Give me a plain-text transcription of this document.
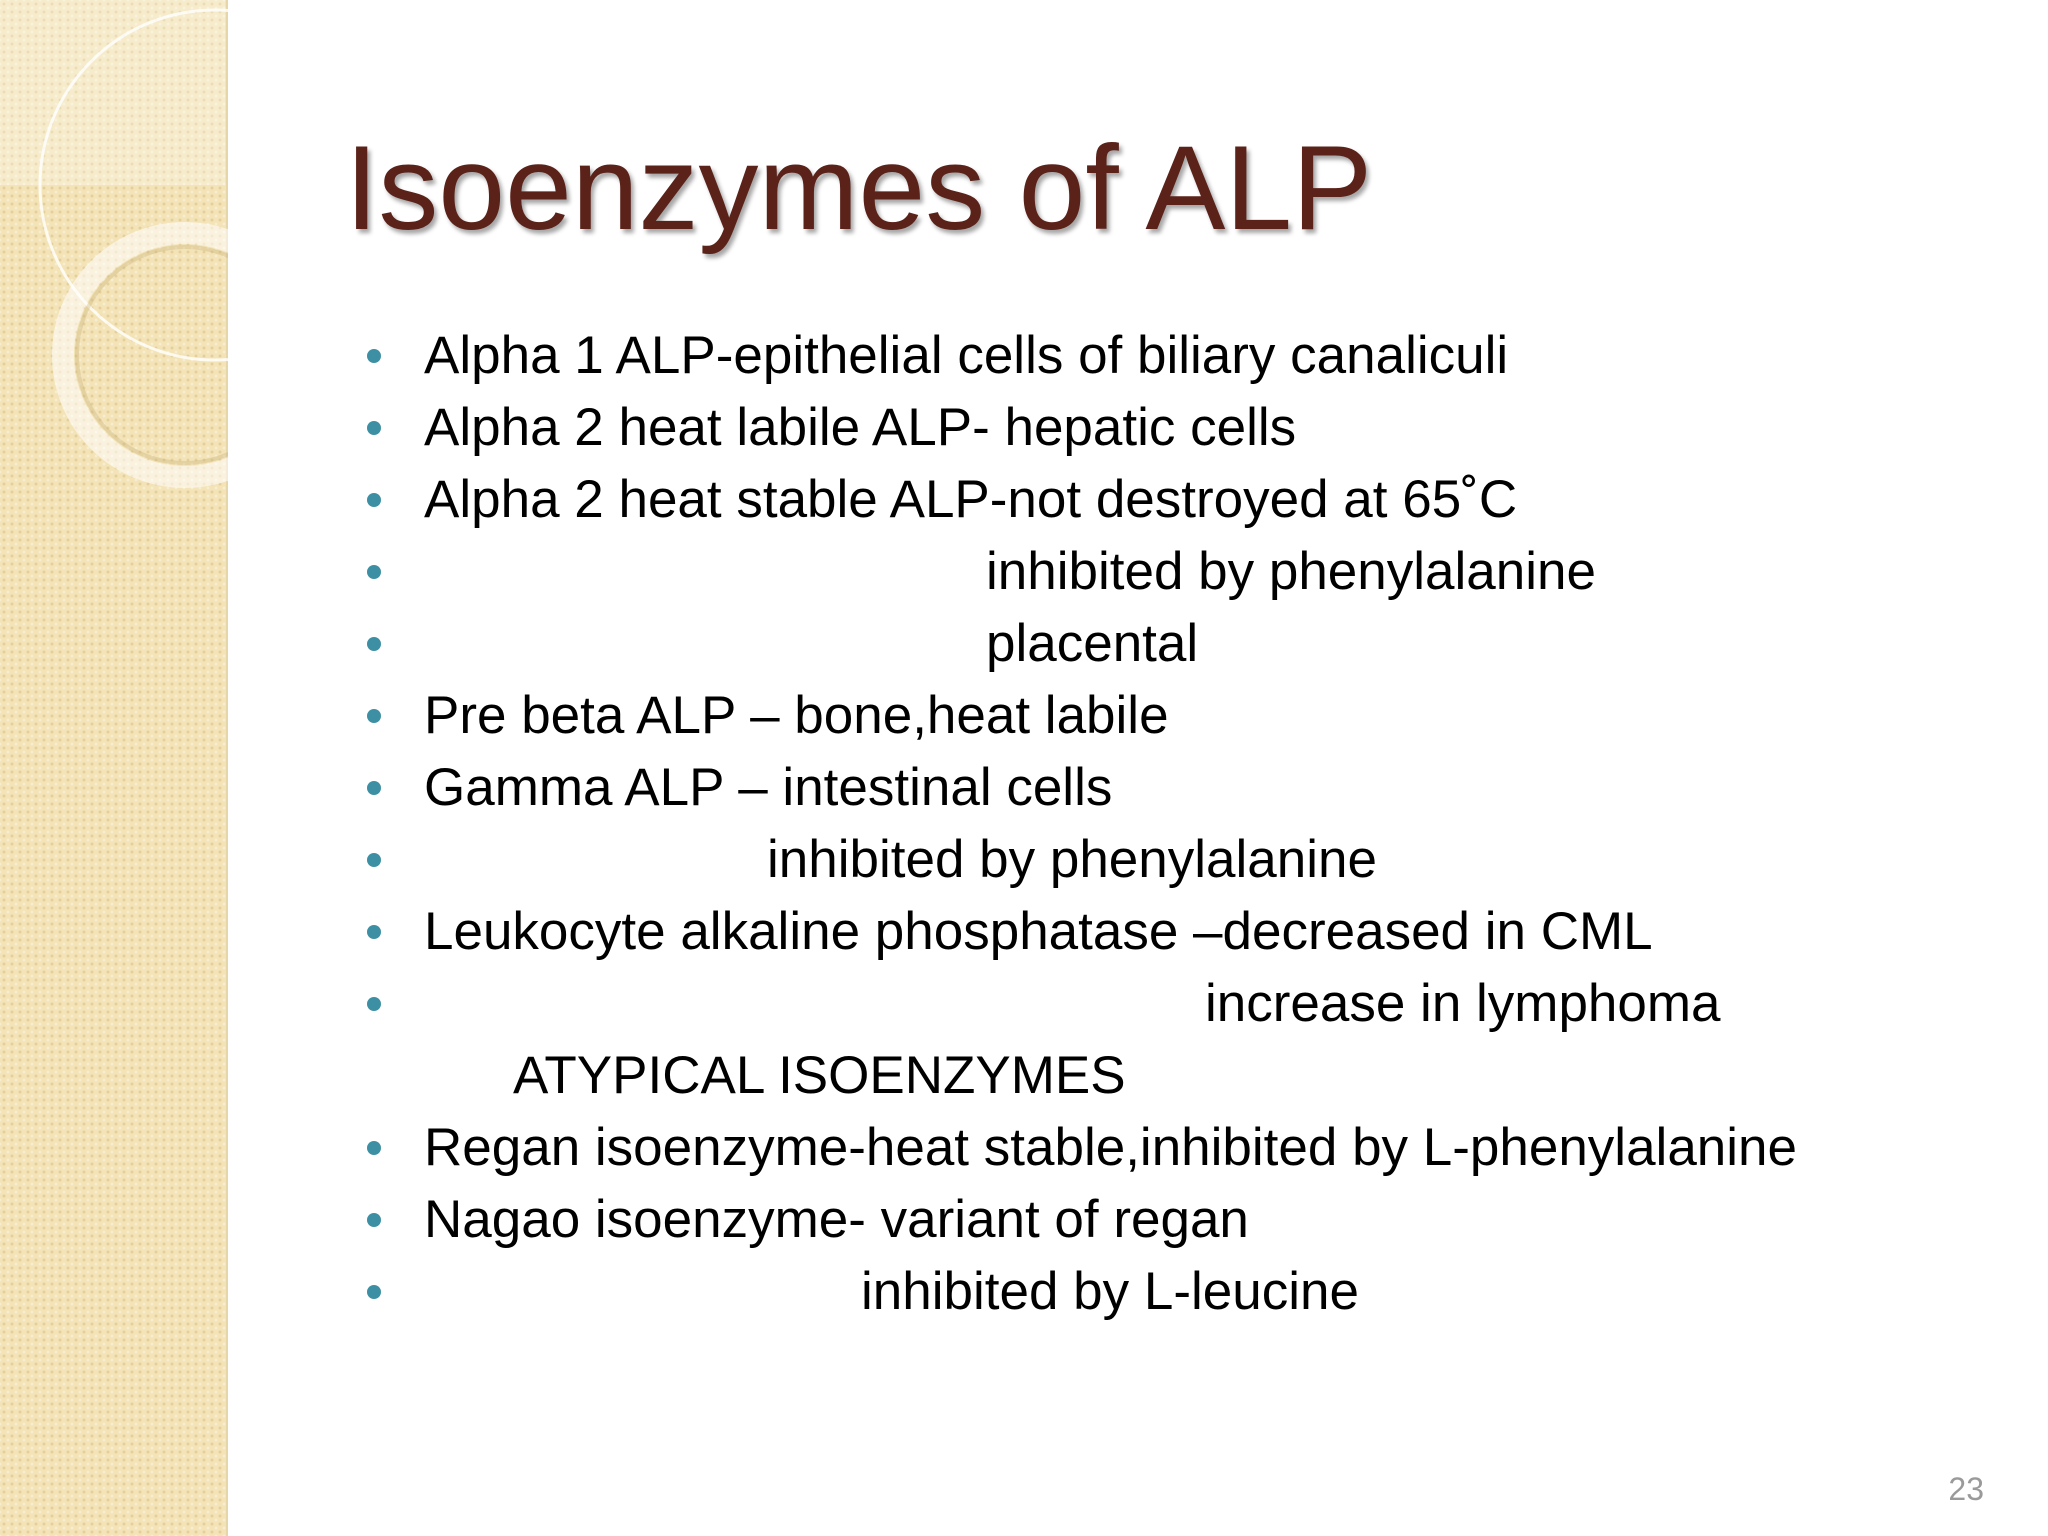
Isoenzymes of ALP
Alpha 1 ALP-epithelial cells of biliary canaliculi
Alpha 2 heat labile ALP- hepatic cells
Alpha 2 heat stable ALP-not destroyed at 65˚C
inhibited by phenylalanine
placental
Pre beta ALP – bone,heat labile
Gamma ALP – intestinal cells
inhibited by phenylalanine
Leukocyte alkaline phosphatase –decreased in CML
increase in lymphoma
ATYPICAL ISOENZYMES
Regan isoenzyme-heat stable,inhibited by L-phenylalanine
Nagao isoenzyme- variant of regan
inhibited by L-leucine
23
